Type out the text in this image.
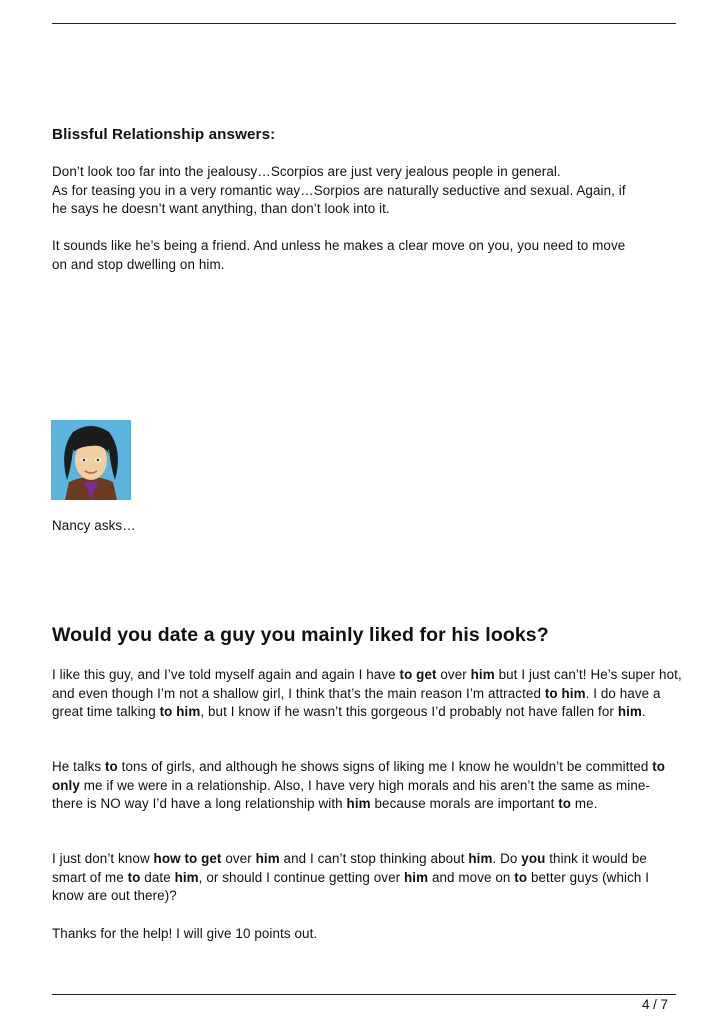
Blissful Relationship answers:

Don’t look too far into the jealousy…Scorpios are just very jealous people in general.

As for teasing you in a very romantic way…Sorpios are naturally seductive and sexual. Again, if

he says he doesn’t want anything, than don’t look into it.

It sounds like he’s being a friend. And unless he makes a clear move on you, you need to move

on and stop dwelling on him.

Nancy asks…
Would you date a guy you mainly liked for his looks?

I like this guy, and I’ve told myself again and again I have to get over him but I just can’t! He’s super hot, and even though I’m not a shallow girl, I think that’s the main reason I’m attracted to him. I do have a great time talking to him, but I know if he wasn’t this gorgeous I’d probably not have fallen for him.

He talks to tons of girls, and although he shows signs of liking me I know he wouldn’t be committed to only me if we were in a relationship. Also, I have very high morals and his aren’t the same as mine- there is NO way I’d have a long relationship with him because morals are important to me.

I just don’t know how to get over him and I can’t stop thinking about him. Do you think it would be smart of me to date him, or should I continue getting over him and move on to better guys (which I know are out there)?

Thanks for the help! I will give 10 points out.
4 / 7
